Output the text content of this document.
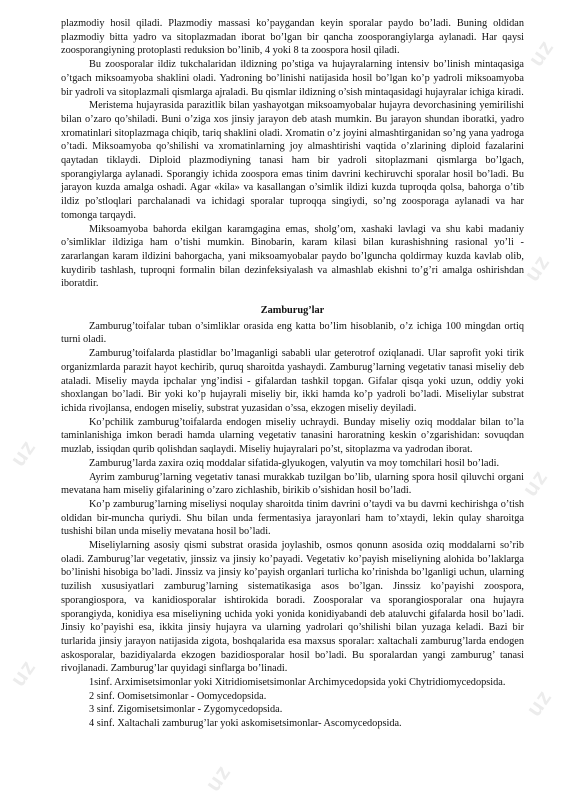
uz
uz
uz
uz
uz
uz
uz

plazmodiy hosil qiladi. Plazmodiy massasi ko’paygandan keyin sporalar paydo bo’ladi. Buning oldidan plazmodiy bitta yadro va sitoplazmadan iborat bo’lgan bir qancha zoosporangiylarga aylanadi. Har qaysi zoosporangiyning protoplasti reduksion bo’linib, 4 yoki 8 ta zoospora hosil qiladi.

Bu zoosporalar ildiz tukchalaridan ildizning po’stiga va hujayralarning intensiv bo’linish mintaqasiga o’tgach miksoamyoba shaklini oladi. Yadroning bo’linishi natijasida hosil bo’lgan ko’p yadroli miksoamyoba bir yadroli va sitoplazmali qismlarga ajraladi. Bu qismlar ildizning o’sish mintaqasidagi hujayralar ichiga kiradi.

Meristema hujayrasida parazitlik bilan yashayotgan miksoamyobalar hujayra devorchasining yemirilishi bilan o’zaro qo’shiladi. Buni o’ziga xos jinsiy jarayon deb atash mumkin. Bu jarayon shundan iboratki, yadro xromatinlari sitoplazmaga chiqib, tariq shaklini oladi. Xromatin o’z joyini almashtirganidan so’ng yana yadroga o’tadi. Miksoamyoba qo’shilishi va xromatinlarning joy almashtirishi vaqtida o’zlarining diploid fazalarini qaytadan tiklaydi. Diploid plazmodiyning tanasi ham bir yadroli sitoplazmani qismlarga bo’lgach, sporangiylarga aylanadi. Sporangiy ichida zoospora emas tinim davrini kechiruvchi sporalar hosil bo’ladi. Bu jarayon kuzda amalga oshadi. Agar «kila» va kasallangan o’simlik ildizi kuzda tuproqda qolsa, bahorga o’tib ildiz po’stloqlari parchalanadi va ichidagi sporalar tuproqqa singiydi, so’ng zoosporaga aylanadi va har tomonga tarqaydi.

Miksoamyoba bahorda ekilgan karamgagina emas, sholg’om, xashaki lavlagi va shu kabi madaniy o’simliklar ildiziga ham o’tishi mumkin. Binobarin, karam kilasi bilan kurashishning rasional yo’li - zararlangan karam ildizini bahorgacha, yani miksoamyobalar paydo bo’lguncha qoldirmay kuzda kavlab olib, kuydirib tashlash, tuproqni formalin bilan dezinfeksiyalash va almashlab ekishni to’g’ri amalga oshirishdan iboratdir.

Zamburug’lar

Zamburug’toifalar tuban o’simliklar orasida eng katta bo’lim hisoblanib, o’z ichiga 100 mingdan ortiq turni oladi.

Zamburug’toifalarda plastidlar bo’lmaganligi sababli ular geterotrof oziqlanadi. Ular saprofit yoki tirik organizmlarda parazit hayot kechirib, quruq sharoitda yashaydi. Zamburug’larning vegetativ tanasi miseliy deb ataladi. Miseliy mayda ipchalar yng’indisi - gifalardan tashkil topgan. Gifalar qisqa yoki uzun, oddiy yoki shoxlangan bo’ladi. Bir yoki ko’p hujayrali miseliy bir, ikki hamda ko’p yadroli bo’ladi. Miseliylar substrat ichida rivojlansa, endogen miseliy, substrat yuzasidan o’ssa, ekzogen miseliy deyiladi.

Ko’pchilik zamburug’toifalarda endogen miseliy uchraydi. Bunday miseliy oziq moddalar bilan to’la taminlanishiga imkon beradi hamda ularning vegetativ tanasini haroratning keskin o’zgarishidan: sovuqdan muzlab, issiqdan qurib qolishdan saqlaydi. Miseliy hujayralari po’st, sitoplazma va yadrodan iborat.

Zamburug’larda zaxira oziq moddalar sifatida-glyukogen, valyutin va moy tomchilari hosil bo’ladi.

Ayrim zamburug’larning vegetativ tanasi murakkab tuzilgan bo’lib, ularning spora hosil qiluvchi organi mevatana ham miseliy gifalarining o’zaro zichlashib, birikib o’sishidan hosil bo’ladi.

Ko’p zamburug’larning miseliysi noqulay sharoitda tinim davrini o’taydi va bu davrni kechirishga o’tish oldidan bir-muncha quriydi. Shu bilan unda fermentasiya jarayonlari ham to’xtaydi, lekin qulay sharoitga tushishi bilan unda miseliy mevatana hosil bo’ladi.

Miseliylarning asosiy qismi substrat orasida joylashib, osmos qonunn asosida oziq moddalarni so’rib oladi. Zamburug’lar vegetativ, jinssiz va jinsiy ko’payadi. Vegetativ ko’payish miseliyning alohida bo’laklarga bo’linishi hisobiga bo’ladi. Jinssiz va jinsiy ko’payish organlari turlicha ko’rinishda bo’lganligi uchun, ularning tuzilish xususiyatlari zamburug’larning sistematikasiga asos bo’lgan. Jinssiz ko’payishi zoospora, sporangiospora, va kanidiosporalar ishtirokida boradi. Zoosporalar va sporangiosporalar ona hujayra sporangiyda, konidiya esa miseliyning uchida yoki yonida konidiyabandi deb ataluvchi gifalarda hosil bo’ladi. Jinsiy ko’payishi esa, ikkita jinsiy hujayra va ularning yadrolari qo’shilishi bilan yuzaga keladi. Bazi bir turlarida jinsiy jarayon natijasida zigota, boshqalarida esa maxsus sporalar: xaltachali zamburug’larda endogen askosporalar, bazidiyalarda ekzogen bazidiosporalar hosil bo’ladi. Bu sporalardan yangi zamburug’ tanasi rivojlanadi. Zamburug’lar quyidagi sinflarga bo’linadi.

1sinf. Arximisetsimonlar yoki Xitridiomisetsimonlar Archimycedopsida yoki Chytridiomycedopsida.

2 sinf. Oomisetsimonlar - Oomycedopsida.

3 sinf. Zigomisetsimonlar - Zygomycedopsida.

4 sinf. Xaltachali zamburug’lar yoki askomisetsimonlar- Ascomycedopsida.
